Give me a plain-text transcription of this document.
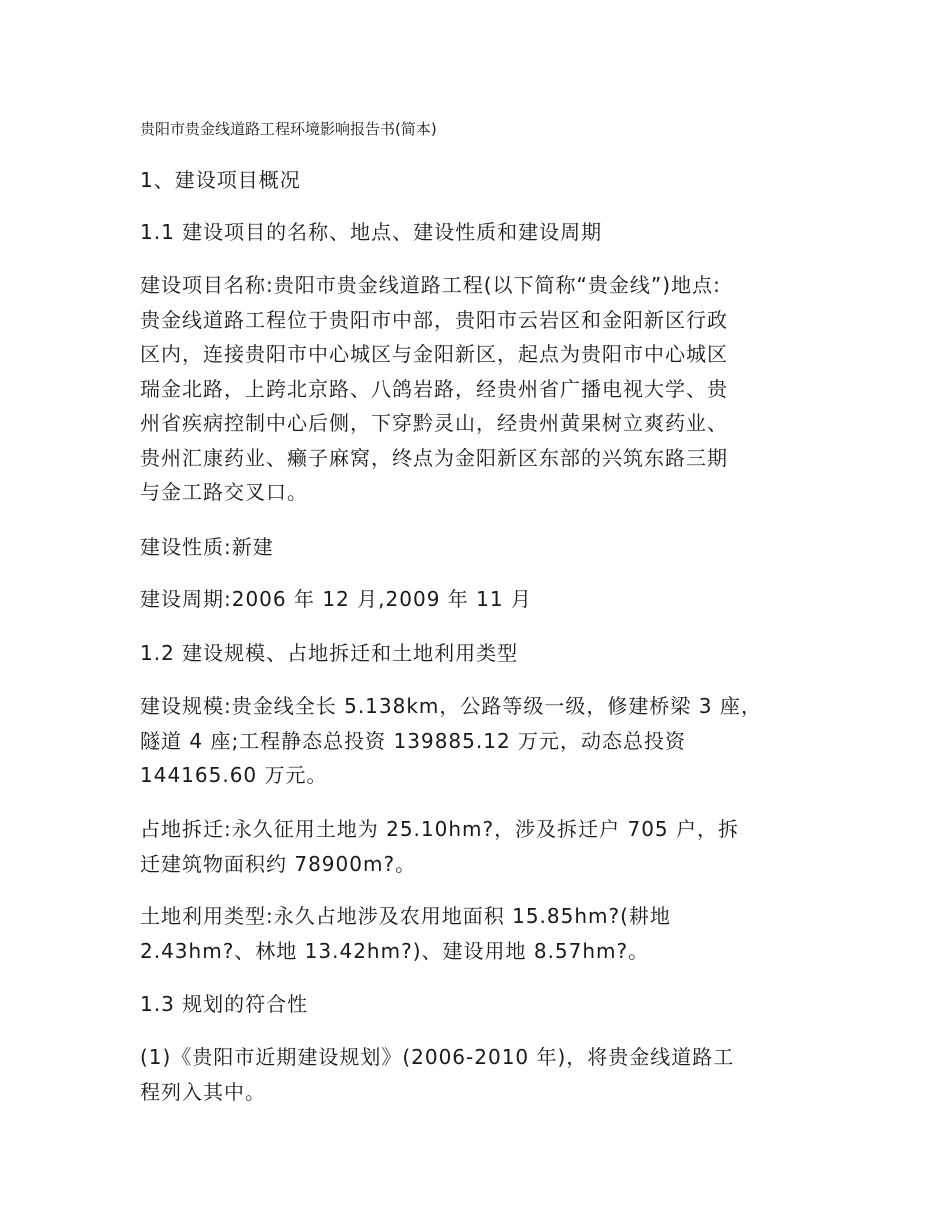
贵阳市贵金线道路工程环境影响报告书(简本)

1、建设项目概况

1.1 建设项目的名称、地点、建设性质和建设周期

建设项目名称:贵阳市贵金线道路工程(以下简称“贵金线”)地点:
贵金线道路工程位于贵阳市中部，贵阳市云岩区和金阳新区行政
区内，连接贵阳市中心城区与金阳新区，起点为贵阳市中心城区
瑞金北路，上跨北京路、八鸽岩路，经贵州省广播电视大学、贵
州省疾病控制中心后侧，下穿黔灵山，经贵州黄果树立爽药业、
贵州汇康药业、癞子麻窝，终点为金阳新区东部的兴筑东路三期
与金工路交叉口。

建设性质:新建

建设周期:2006 年 12 月,2009 年 11 月

1.2 建设规模、占地拆迁和土地利用类型

建设规模:贵金线全长 5.138km，公路等级一级，修建桥梁 3 座，
隧道 4 座;工程静态总投资 139885.12 万元，动态总投资
144165.60 万元。

占地拆迁:永久征用土地为 25.10hm?，涉及拆迁户 705 户，拆
迁建筑物面积约 78900m?。

土地利用类型:永久占地涉及农用地面积 15.85hm?(耕地
2.43hm?、林地 13.42hm?)、建设用地 8.57hm?。

1.3 规划的符合性

(1)《贵阳市近期建设规划》(2006-2010 年)，将贵金线道路工
程列入其中。
